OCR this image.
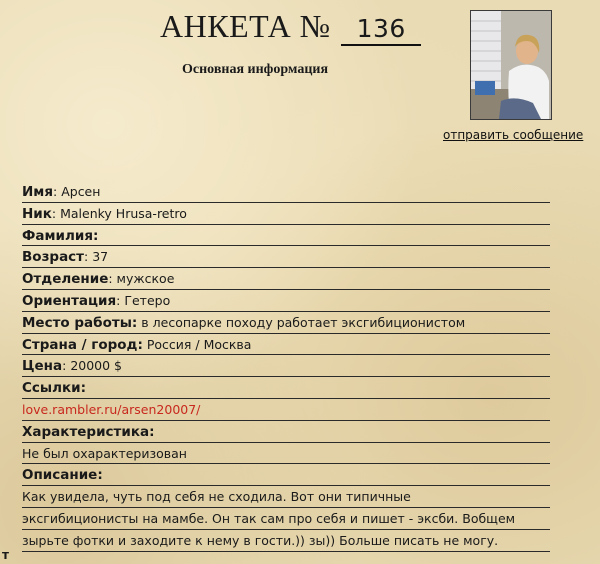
АНКЕТА № 136
Основная информация
отправить сообщение
Имя: Арсен
Ник: Malenky Hrusa-retro
Фамилия:
Возраст: 37
Отделение: мужское
Ориентация: Гетеро
Место работы: в лесопарке походу работает эксгибиционистом
Страна / город: Россия / Москва
Цена: 20000 $
Ссылки:
love.rambler.ru/arsen20007/
Характеристика:
Не был охарактеризован
Описание:
Как увидела, чуть под себя не сходила. Вот они типичные
эксгибиционисты на мамбе. Он так сам про себя и пишет - эксби. Вобщем
зырьте фотки и заходите к нему в гости.)) зы)) Больше писать не могу.
т
